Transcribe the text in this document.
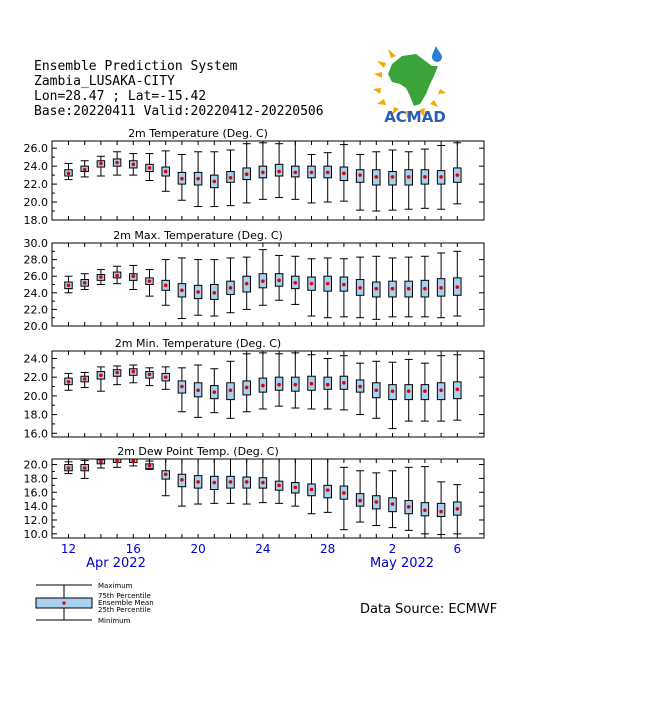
Ensemble Prediction System
Zambia_LUSAKA-CITY
Lon=28.47 ; Lat=-15.42
Base:20220411 Valid:20220412-20220506	ACMAD
2m Temperature (Deg. C)
26.0
24.0
22.0
20.0
18.0
2m Max. Temperature (Deg. C)
30.0
28.0
26.0
24.0
22.0
20.0
2m Min. Temperature (Deg. C)
24.0
22.0
20.0
18.0
16.0
2m Dew Point Temp. (Deg. C)
20.0
18.0
16.0
14.0
12.0
10.0
12	16	20	24	28	2	6
Apr 2022	May 2022
Maximum
75th Percentile
Ensemble Mean
25th Percentile
Minimum
Data Source: ECMWF
